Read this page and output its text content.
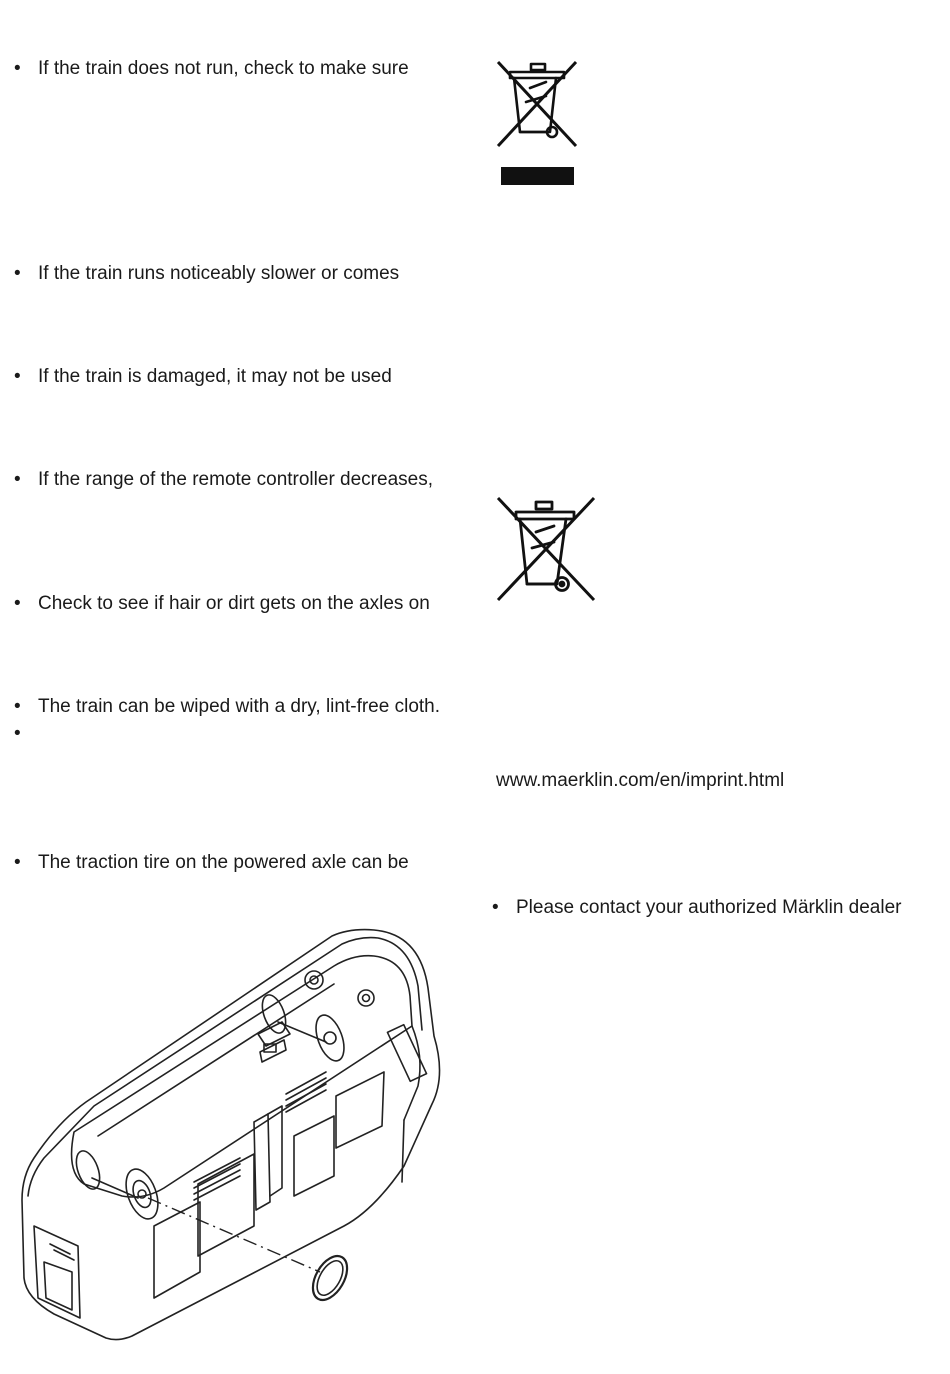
• If the train does not run, check to make sure
• If the train runs noticeably slower or comes
• If the train is damaged, it may not be used
• If the range of the remote controller decreases,
• Check to see if hair or dirt gets on the axles on
• The train can be wiped with a dry, lint-free cloth.
•
• The traction tire on the powered axle can be
www.maerklin.com/en/imprint.html
• Please contact your authorized Märklin dealer
